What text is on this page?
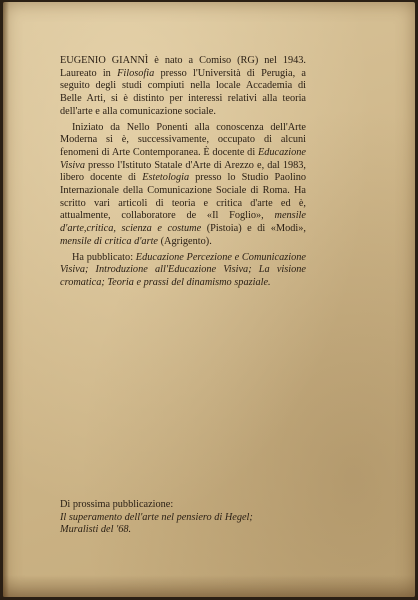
EUGENIO GIANNÌ è nato a Comiso (RG) nel 1943. Laureato in Filosofia presso l'Università di Perugia, a seguito degli studi compiuti nella locale Accademia di Belle Arti, si è distinto per interessi relativi alla teoria dell'arte e alla comunicazione sociale.

Iniziato da Nello Ponenti alla conoscenza dell'Arte Moderna si è, successivamente, occupato di alcuni fenomeni di Arte Contemporanea. È docente di Educazione Visiva presso l'Istituto Statale d'Arte di Arezzo e, dal 1983, libero docente di Estetologia presso lo Studio Paolino Internazionale della Comunicazione Sociale di Roma. Ha scritto vari articoli di teoria e critica d'arte ed è, attualmente, collaboratore de «Il Foglio», mensile d'arte,critica, scienza e costume (Pistoia) e di «Modi», mensile di critica d'arte (Agrigento).

Ha pubblicato: Educazione Percezione e Comunicazione Visiva; Introduzione all'Educazione Visiva; La visione cromatica; Teoria e prassi del dinamismo spaziale.

Di prossima pubblicazione:
Il superamento dell'arte nel pensiero di Hegel;
Muralisti del '68.
